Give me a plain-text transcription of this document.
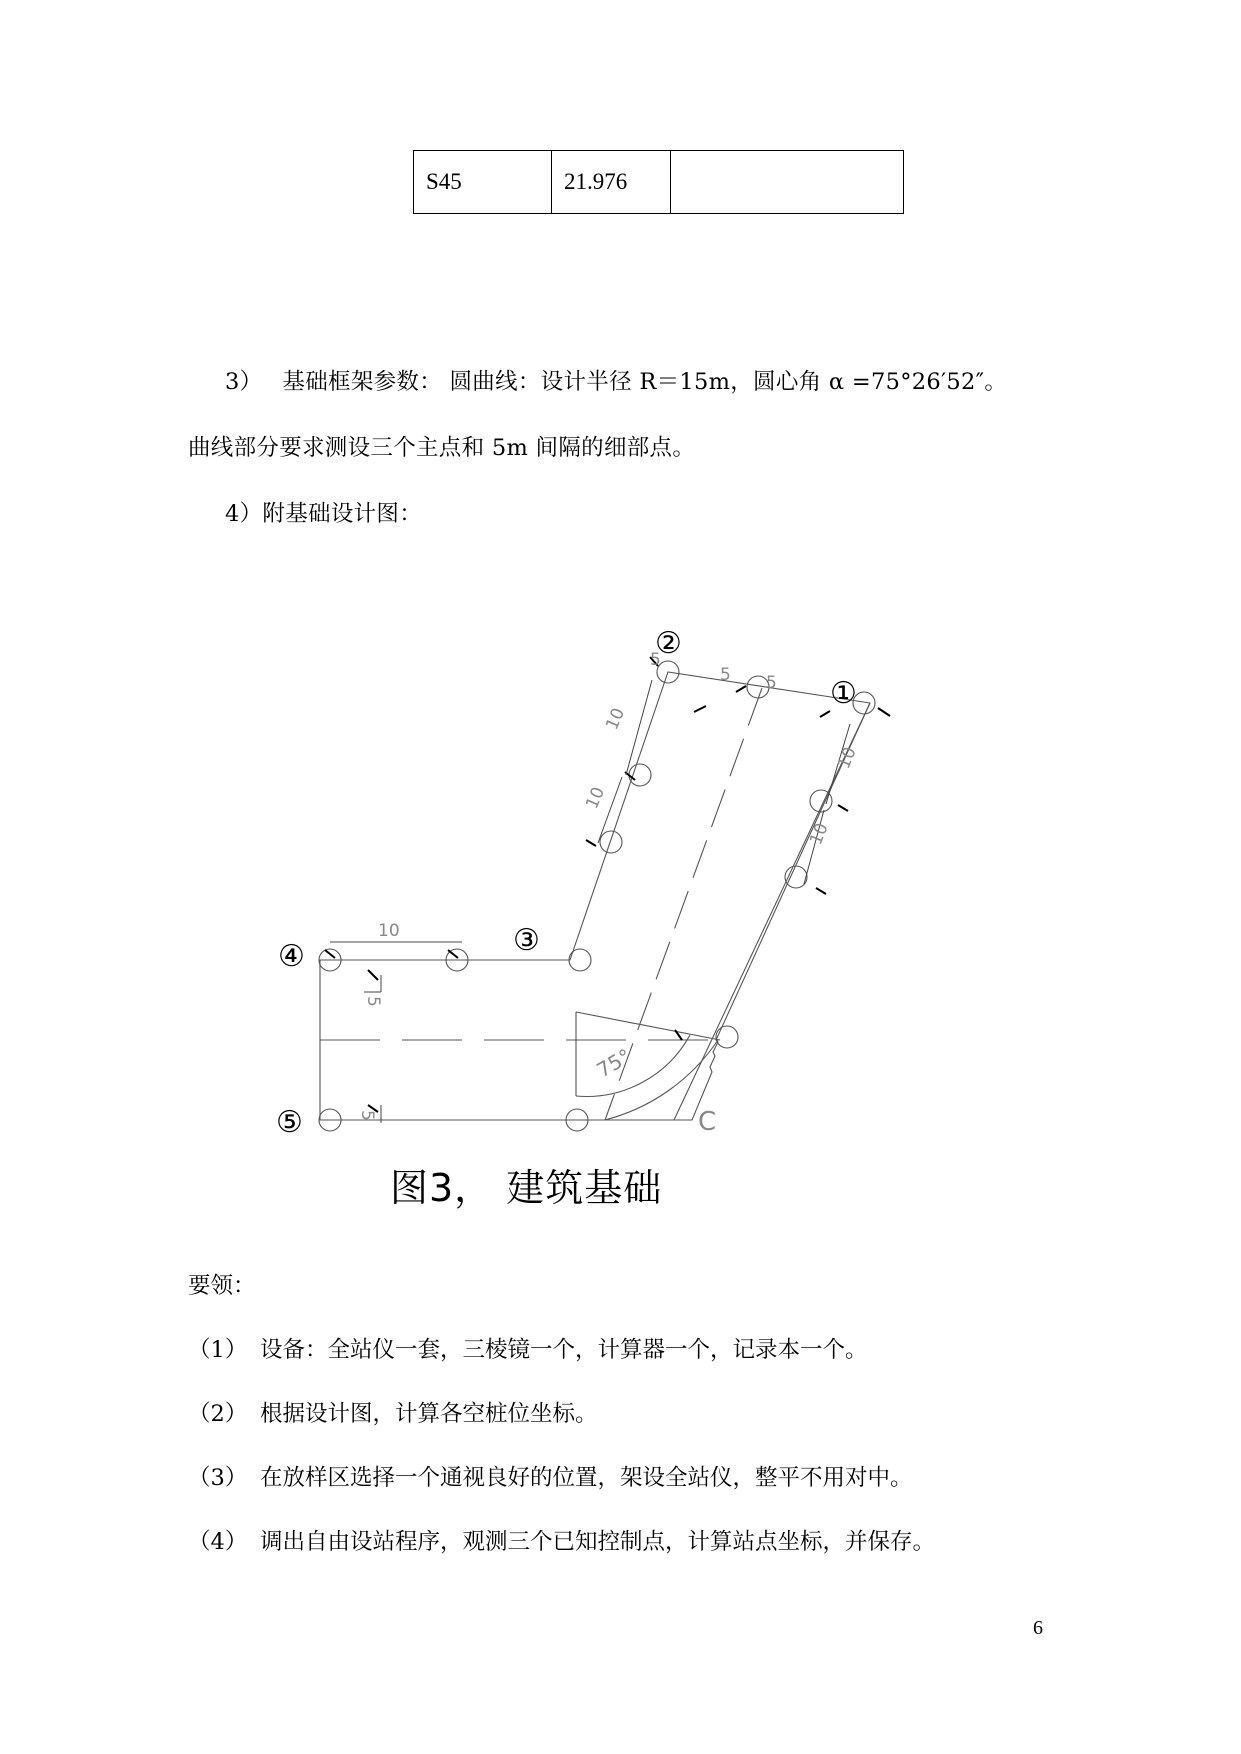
S45	21.976	
3） 基础框架参数： 圆曲线：设计半径 R＝15m，圆心角 α =75°26′52″。
曲线部分要求测设三个主点和 5m 间隔的细部点。
4）附基础设计图：
5
5 5
10
10
10
10
10
5
5
75°
C
①
②
③
④
⑤
图3， 建筑基础
要领：
（1） 设备：全站仪一套，三棱镜一个，计算器一个，记录本一个。
（2） 根据设计图，计算各空桩位坐标。
（3） 在放样区选择一个通视良好的位置，架设全站仪，整平不用对中。
（4） 调出自由设站程序，观测三个已知控制点，计算站点坐标，并保存。
6
